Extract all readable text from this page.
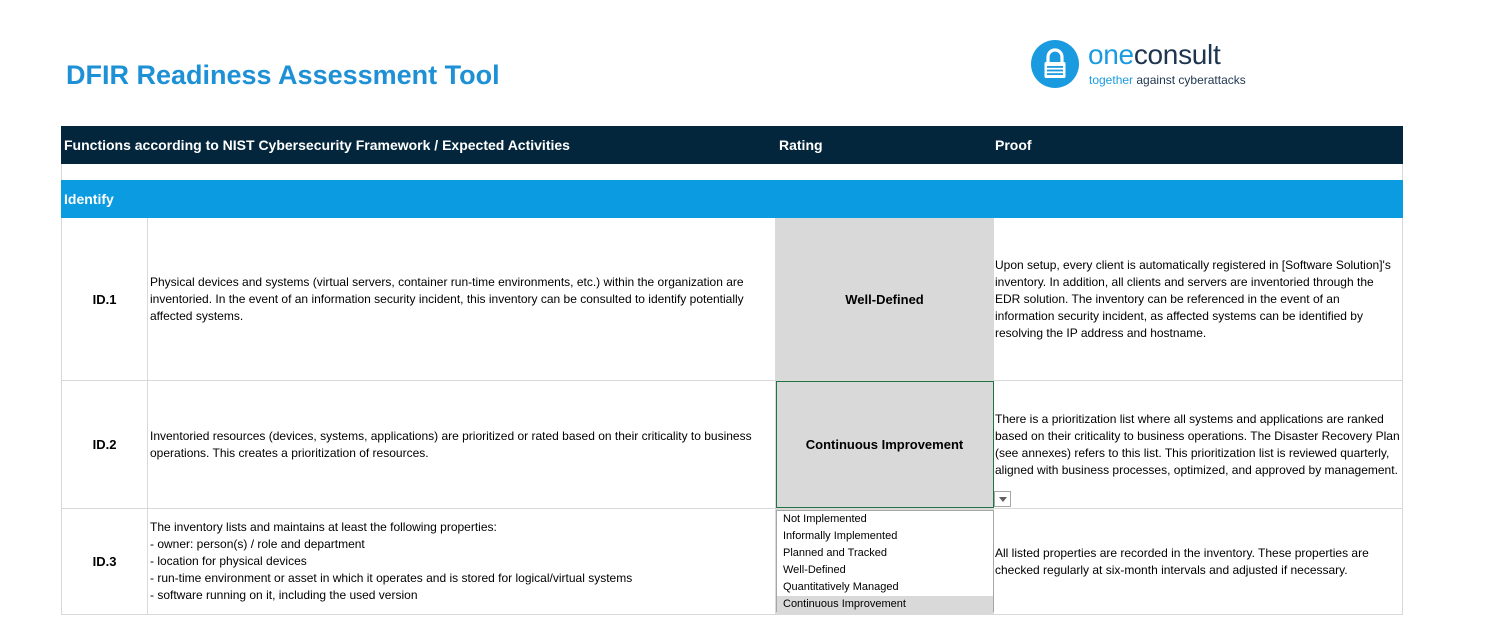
DFIR Readiness Assessment Tool
oneconsult
together against cyberattacks
Functions according to NIST Cybersecurity Framework / Expected Activities	Rating	Proof
Identify
ID.1
Physical devices and systems (virtual servers, container run-time environments, etc.) within the organization are inventoried. In the event of an information security incident, this inventory can be consulted to identify potentially affected systems.
Well-Defined
Upon setup, every client is automatically registered in [Software Solution]'s inventory. In addition, all clients and servers are inventoried through the EDR solution. The inventory can be referenced in the event of an information security incident, as affected systems can be identified by resolving the IP address and hostname.
ID.2
Inventoried resources (devices, systems, applications) are prioritized or rated based on their criticality to business operations. This creates a prioritization of resources.
Continuous Improvement
There is a prioritization list where all systems and applications are ranked based on their criticality to business operations. The Disaster Recovery Plan (see annexes) refers to this list. This prioritization list is reviewed quarterly, aligned with business processes, optimized, and approved by management.
ID.3
The inventory lists and maintains at least the following properties:
- owner: person(s) / role and department
- location for physical devices
- run-time environment or asset in which it operates and is stored for logical/virtual systems
- software running on it, including the used version
All listed properties are recorded in the inventory. These properties are checked regularly at six-month intervals and adjusted if necessary.
Not Implemented
Informally Implemented
Planned and Tracked
Well-Defined
Quantitatively Managed
Continuous Improvement
